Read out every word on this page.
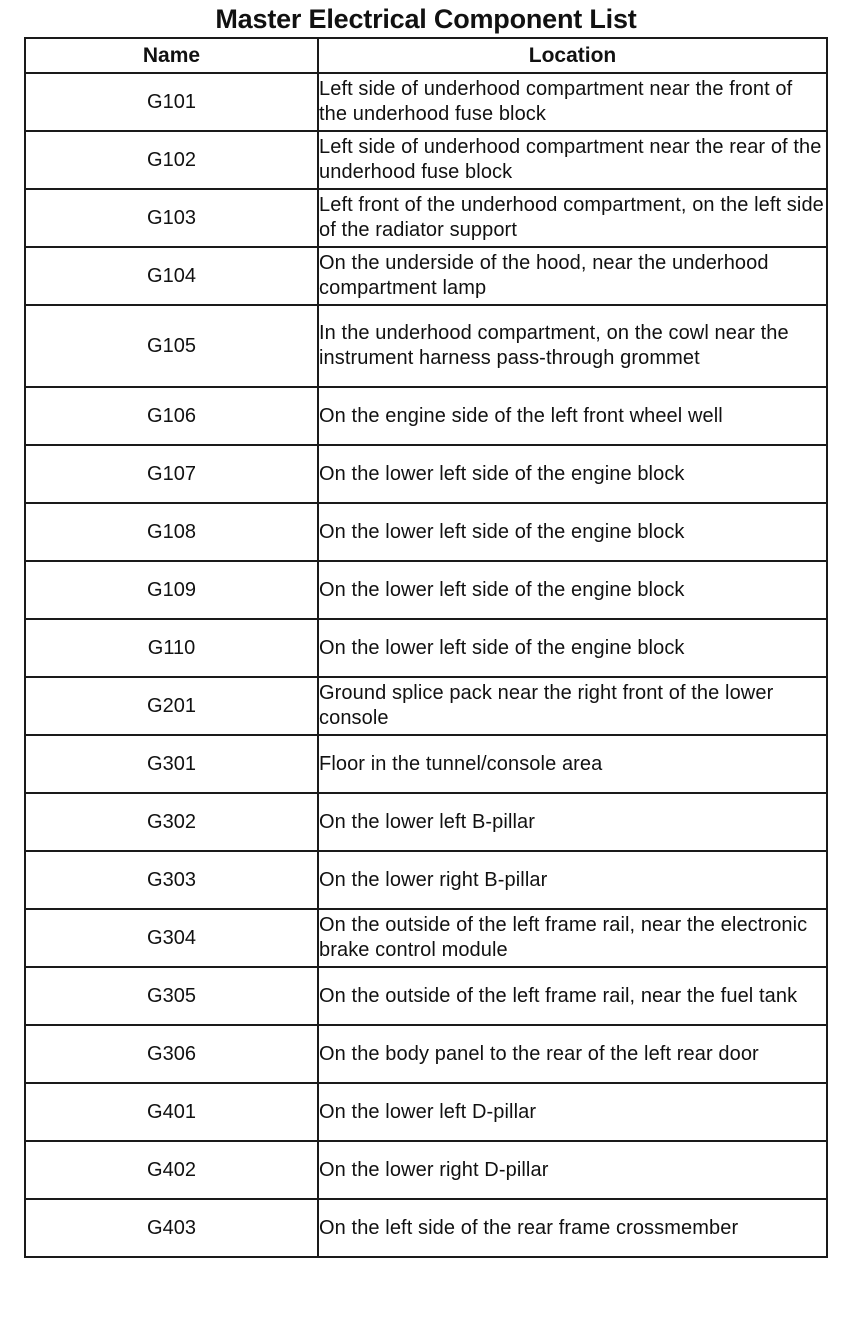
Master Electrical Component List
Name	Location
G101	Left side of underhood compartment near the front of the underhood fuse block
G102	Left side of underhood compartment near the rear of the underhood fuse block
G103	Left front of the underhood compartment, on the left side of the radiator support
G104	On the underside of the hood, near the underhood compartment lamp
G105	In the underhood compartment, on the cowl near the instrument harness pass-through grommet
G106	On the engine side of the left front wheel well
G107	On the lower left side of the engine block
G108	On the lower left side of the engine block
G109	On the lower left side of the engine block
G110	On the lower left side of the engine block
G201	Ground splice pack near the right front of the lower console
G301	Floor in the tunnel/console area
G302	On the lower left B-pillar
G303	On the lower right B-pillar
G304	On the outside of the left frame rail, near the electronic brake control module
G305	On the outside of the left frame rail, near the fuel tank
G306	On the body panel to the rear of the left rear door
G401	On the lower left D-pillar
G402	On the lower right D-pillar
G403	On the left side of the rear frame crossmember
